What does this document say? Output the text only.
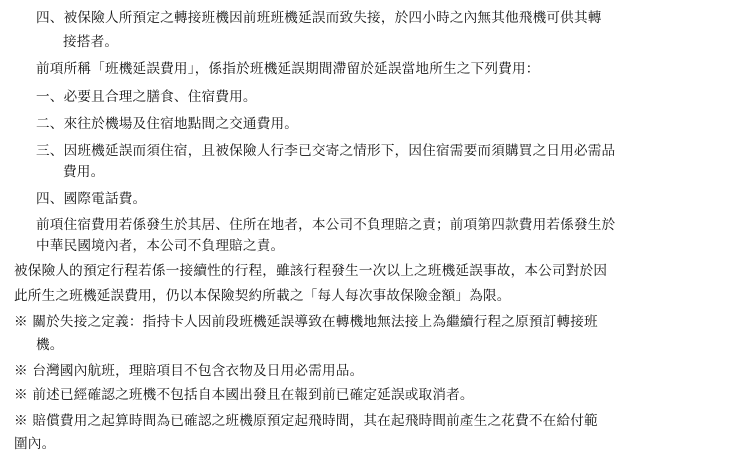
四、被保險人所預定之轉接班機因前班班機延誤而致失接，於四小時之內無其他飛機可供其轉
接搭者。
前項所稱「班機延誤費用」，係指於班機延誤期間滯留於延誤當地所生之下列費用：
一、必要且合理之膳食、住宿費用。
二、來往於機場及住宿地點間之交通費用。
三、因班機延誤而須住宿，且被保險人行李已交寄之情形下，因住宿需要而須購買之日用必需品
費用。
四、國際電話費。
前項住宿費用若係發生於其居、住所在地者，本公司不負理賠之責；前項第四款費用若係發生於
中華民國境內者，本公司不負理賠之責。
被保險人的預定行程若係一接續性的行程，雖該行程發生一次以上之班機延誤事故，本公司對於因
此所生之班機延誤費用，仍以本保險契約所載之「每人每次事故保險金額」為限。
※ 關於失接之定義：指持卡人因前段班機延誤導致在轉機地無法接上為繼續行程之原預訂轉接班
機。
※ 台灣國內航班，理賠項目不包含衣物及日用必需用品。
※ 前述已經確認之班機不包括自本國出發且在報到前已確定延誤或取消者。
※ 賠償費用之起算時間為已確認之班機原預定起飛時間，其在起飛時間前產生之花費不在給付範
圍內。
